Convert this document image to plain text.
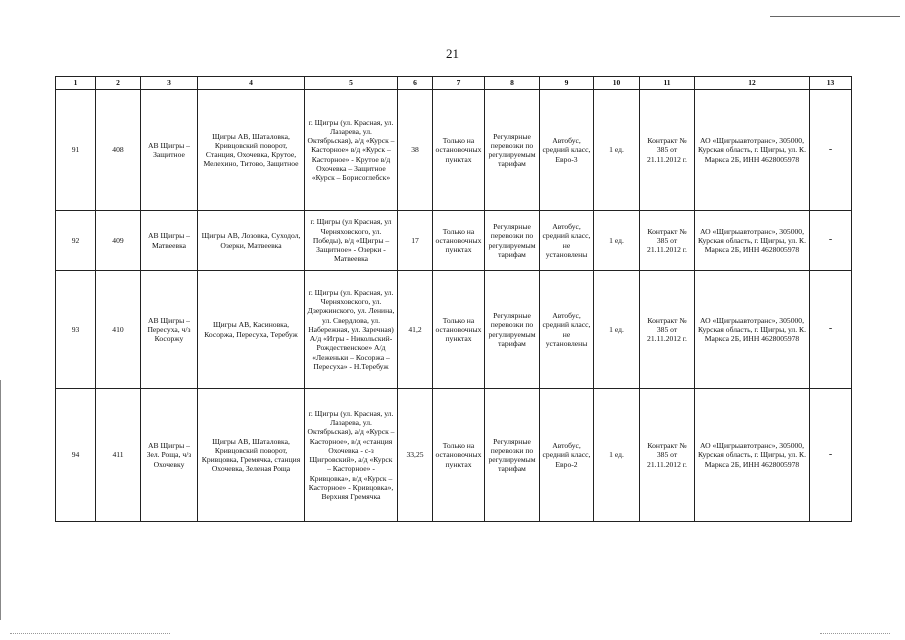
21
1	2	3	4	5	6	7	8	9	10	11	12	13
91	408	АВ Щигры – Защитное	Щигры АВ, Шаталовка, Кривцовский поворот, Станция, Охочевка, Крутое, Мелехино, Титово, Защитное	г. Щигры (ул. Красная, ул. Лазарева, ул. Октябрьская), а/д «Курск – Касторное» в/д «Курск – Касторное» - Крутое в/д Охочевка – Защитное «Курск – Борисоглебск»	38	Только на остановочных пунктах	Регулярные перевозки по регулируемым тарифам	Автобус, средний класс, Евро-3	1 ед.	Контракт № 385 от 21.11.2012 г.	АО «Щигрыавтотранс», 305000, Курская область, г. Щигры, ул. К. Маркса 2Б, ИНН 4628005978	-
92	409	АВ Щигры – Матвеевка	Щигры АВ, Лозовка, Суходол, Озерки, Матвеевка	г. Щигры (ул Красная, ул Черняховского, ул. Победы), в/д «Щигры – Защитное» - Озерки - Матвеевка	17	Только на остановочных пунктах	Регулярные перевозки по регулируемым тарифам	Автобус, средний класс, не установлены	1 ед.	Контракт № 385 от 21.11.2012 г.	АО «Щигрыавтотранс», 305000, Курская область, г. Щигры, ул. К. Маркса 2Б, ИНН 4628005978	-
93	410	АВ Щигры – Пересуха, ч/з Косоржу	Щигры АВ, Касиновка, Косоржа, Пересуха, Теребуж	г. Щигры (ул. Красная, ул. Черняховского, ул. Дзержинского, ул. Ленина, ул. Свердлова, ул. Набережная, ул. Заречная) А/д «Игры - Никольский-Рождественское» А/д «Леженьки – Косоржа – Пересуха» - Н.Теребуж	41,2	Только на остановочных пунктах	Регулярные перевозки по регулируемым тарифам	Автобус, средний класс, не установлены	1 ед.	Контракт № 385 от 21.11.2012 г.	АО «Щигрыавтотранс», 305000, Курская область, г. Щигры, ул. К. Маркса 2Б, ИНН 4628005978	-
94	411	АВ Щигры – Зел. Роща, ч/з Охочевку	Щигры АВ, Шаталовка, Кривцовский поворот, Кривцовка, Гремячка, станция Охочевка, Зеленая Роща	г. Щигры (ул. Красная, ул. Лазарева, ул. Октябрьская), а/д «Курск – Касторное», в/д «станция Охочевка - с-з Щигровский», а/д «Курск – Касторное» - Кривцовка», в/д «Курск – Касторное» - Кривцовка», Верхняя Гремячка	33,25	Только на остановочных пунктах	Регулярные перевозки по регулируемым тарифам	Автобус, средний класс, Евро-2	1 ед.	Контракт № 385 от 21.11.2012 г.	АО «Щигрыавтотранс», 305000, Курская область, г. Щигры, ул. К. Маркса 2Б, ИНН 4628005978	-
